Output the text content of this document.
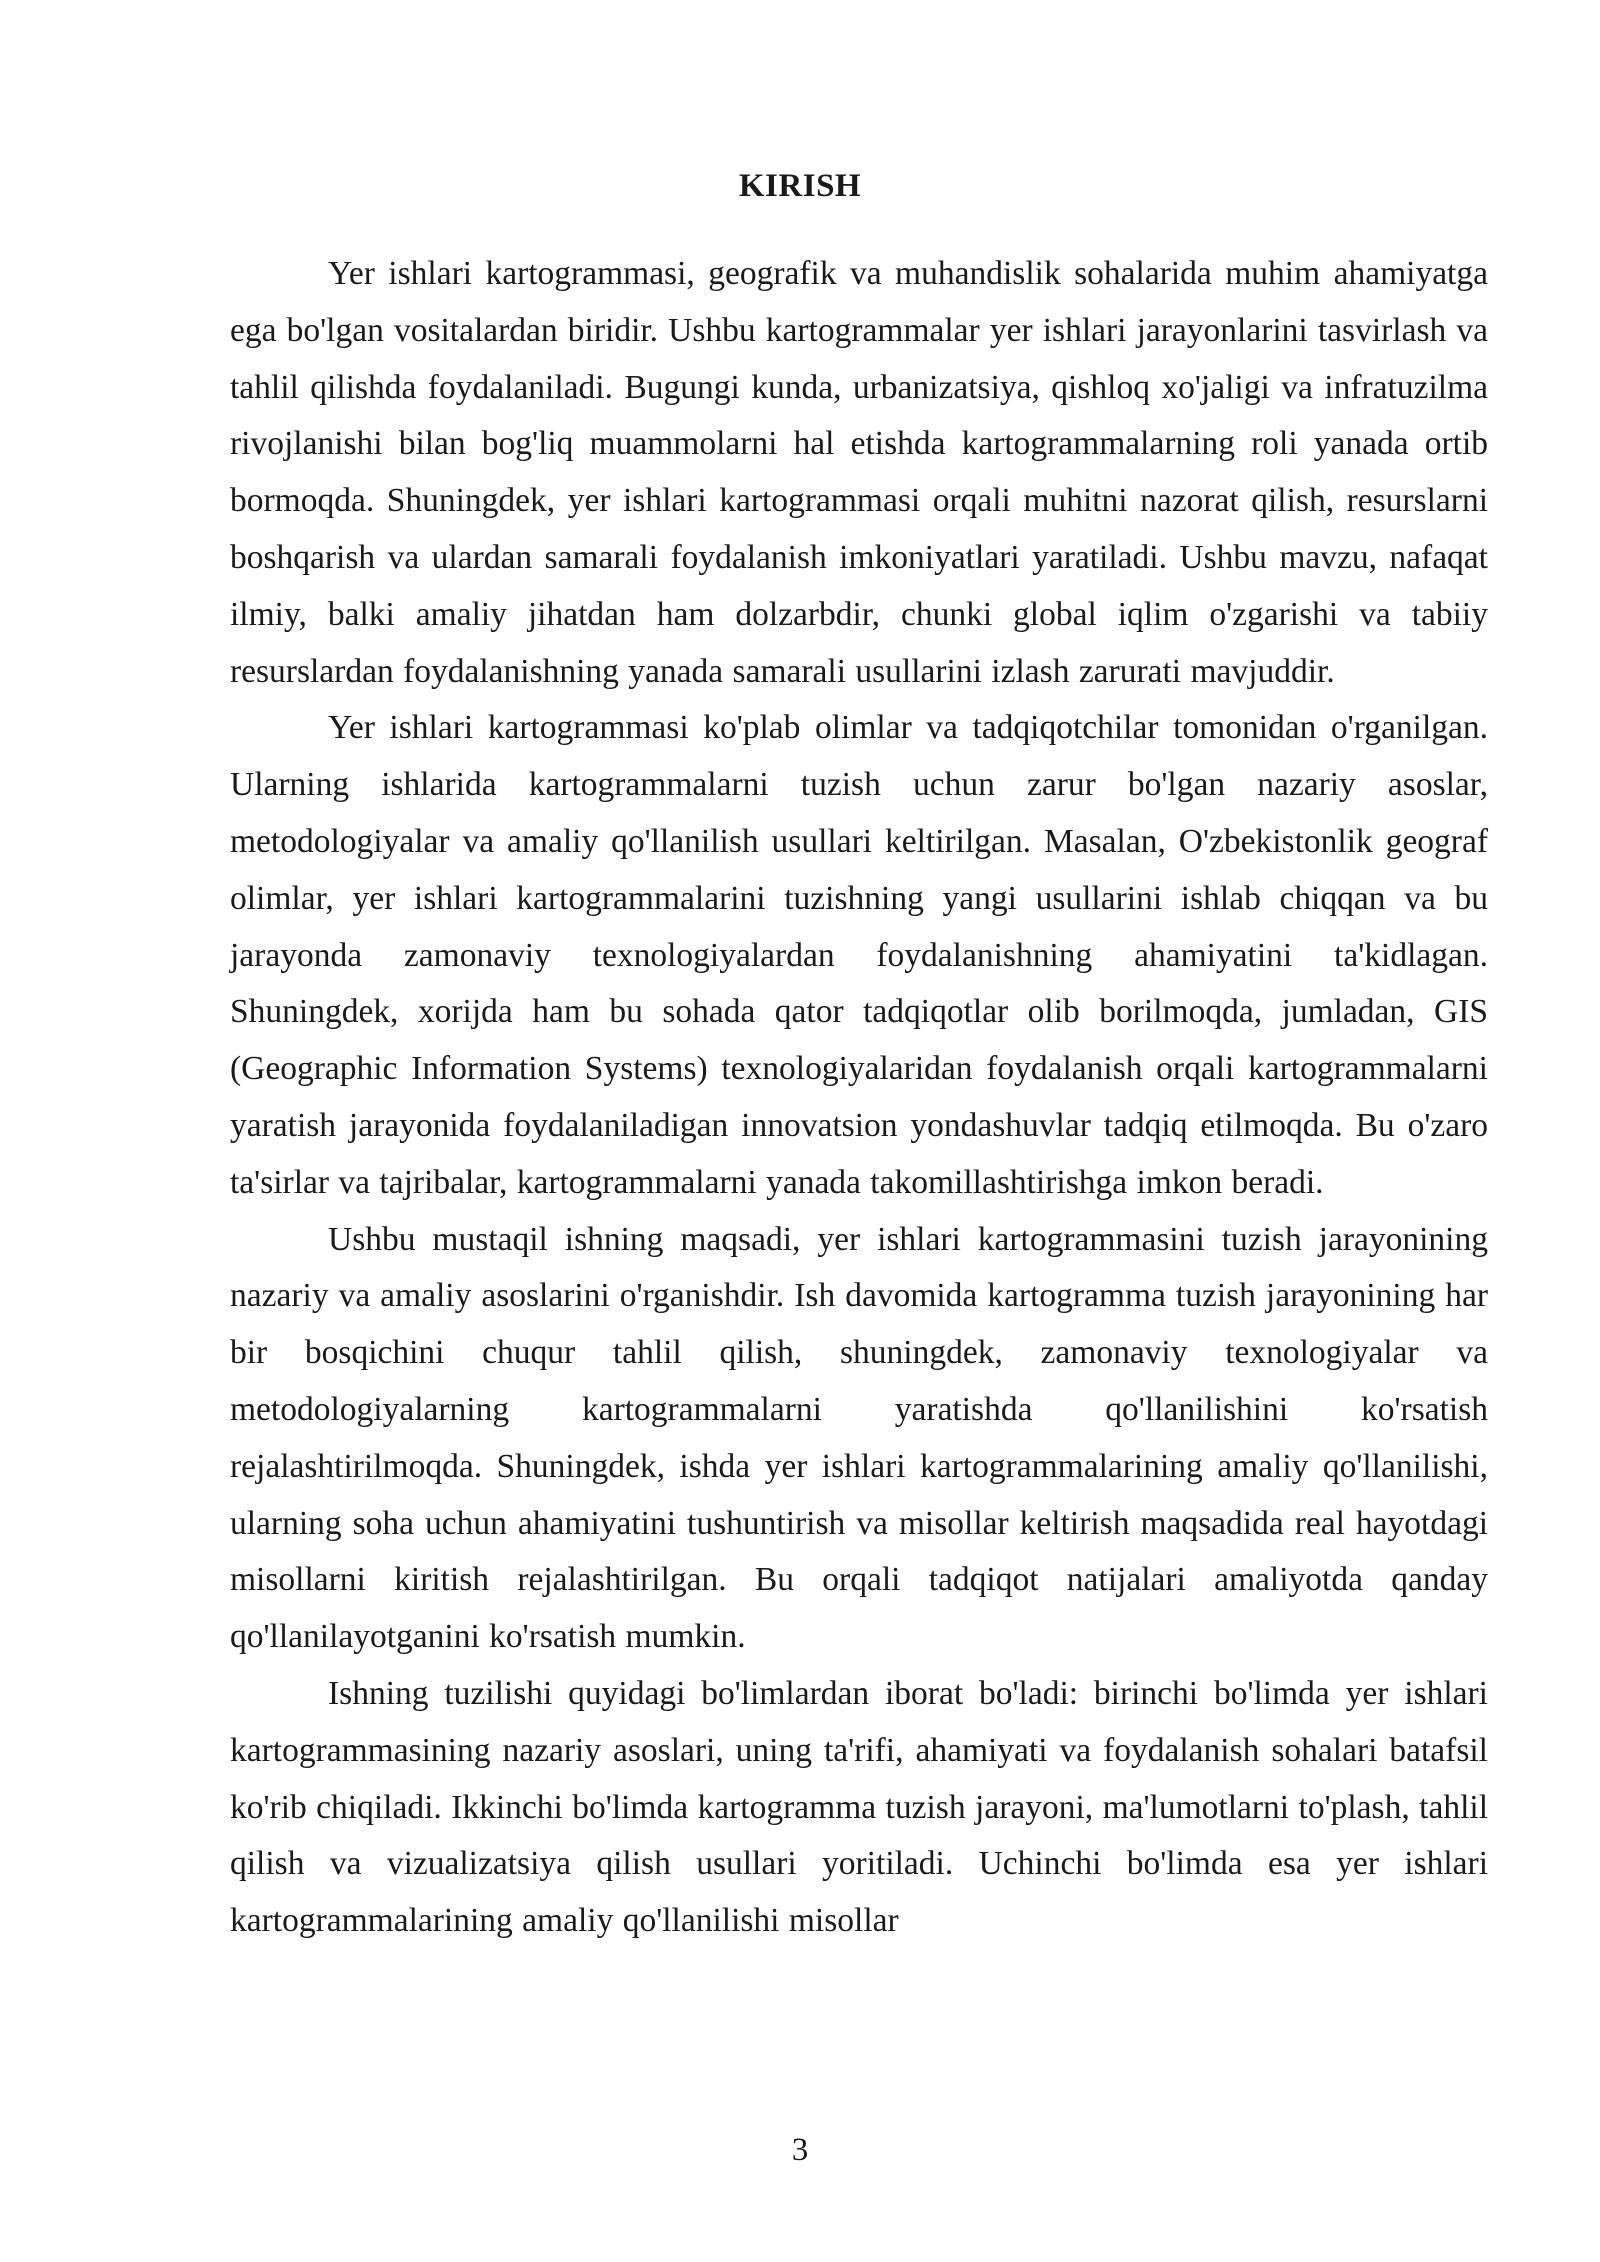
KIRISH

Yer ishlari kartogrammasi, geografik va muhandislik sohalarida muhim ahamiyatga ega bo'lgan vositalardan biridir. Ushbu kartogrammalar yer ishlari jarayonlarini tasvirlash va tahlil qilishda foydalaniladi. Bugungi kunda, urbanizatsiya, qishloq xo'jaligi va infratuzilma rivojlanishi bilan bog'liq muammolarni hal etishda kartogrammalarning roli yanada ortib bormoqda. Shuningdek, yer ishlari kartogrammasi orqali muhitni nazorat qilish, resurslarni boshqarish va ulardan samarali foydalanish imkoniyatlari yaratiladi. Ushbu mavzu, nafaqat ilmiy, balki amaliy jihatdan ham dolzarbdir, chunki global iqlim o'zgarishi va tabiiy resurslardan foydalanishning yanada samarali usullarini izlash zarurati mavjuddir.

Yer ishlari kartogrammasi ko'plab olimlar va tadqiqotchilar tomonidan o'rganilgan. Ularning ishlarida kartogrammalarni tuzish uchun zarur bo'lgan nazariy asoslar, metodologiyalar va amaliy qo'llanilish usullari keltirilgan. Masalan, O'zbekistonlik geograf olimlar, yer ishlari kartogrammalarini tuzishning yangi usullarini ishlab chiqqan va bu jarayonda zamonaviy texnologiyalardan foydalanishning ahamiyatini ta'kidlagan. Shuningdek, xorijda ham bu sohada qator tadqiqotlar olib borilmoqda, jumladan, GIS (Geographic Information Systems) texnologiyalaridan foydalanish orqali kartogrammalarni yaratish jarayonida foydalaniladigan innovatsion yondashuvlar tadqiq etilmoqda. Bu o'zaro ta'sirlar va tajribalar, kartogrammalarni yanada takomillashtirishga imkon beradi.

Ushbu mustaqil ishning maqsadi, yer ishlari kartogrammasini tuzish jarayonining nazariy va amaliy asoslarini o'rganishdir. Ish davomida kartogramma tuzish jarayonining har bir bosqichini chuqur tahlil qilish, shuningdek, zamonaviy texnologiyalar va metodologiyalarning kartogrammalarni yaratishda qo'llanilishini ko'rsatish rejalashtirilmoqda. Shuningdek, ishda yer ishlari kartogrammalarining amaliy qo'llanilishi, ularning soha uchun ahamiyatini tushuntirish va misollar keltirish maqsadida real hayotdagi misollarni kiritish rejalashtirilgan. Bu orqali tadqiqot natijalari amaliyotda qanday qo'llanilayotganini ko'rsatish mumkin.

Ishning tuzilishi quyidagi bo'limlardan iborat bo'ladi: birinchi bo'limda yer ishlari kartogrammasining nazariy asoslari, uning ta'rifi, ahamiyati va foydalanish sohalari batafsil ko'rib chiqiladi. Ikkinchi bo'limda kartogramma tuzish jarayoni, ma'lumotlarni to'plash, tahlil qilish va vizualizatsiya qilish usullari yoritiladi. Uchinchi bo'limda esa yer ishlari kartogrammalarining amaliy qo'llanilishi misollar

3
